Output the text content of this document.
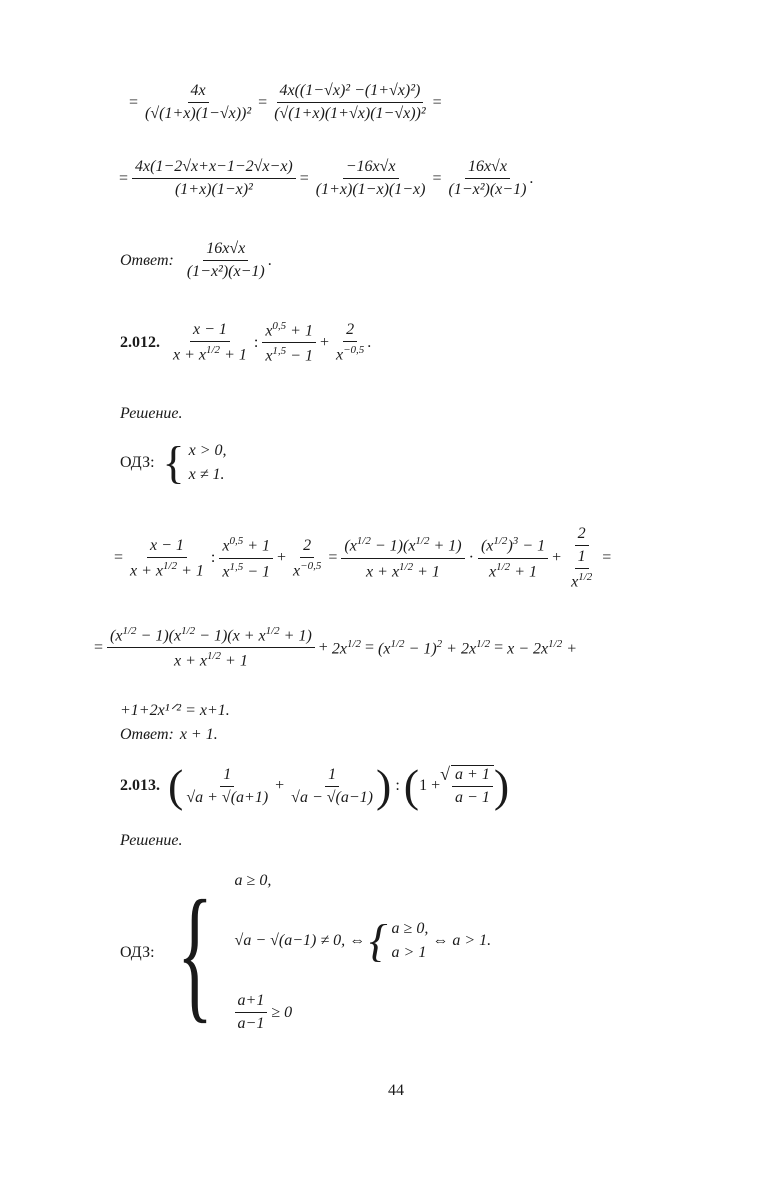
= $\frac{4x}{\text{(√(1+x)(1−√x))²}} = \frac{\text{4x((1−√x)² −(1+√x)²)}}{\text{(√(1+x)(1+√x)(1−√x))²}}$ =
= $\frac{4x(1-2√x+x-1-2√x-x)}{\text{(1+x)(1−x)²}} = \frac{-16x√x}{(1+x)(1-x)(1-x)} = \frac{16x√x}{\text{(1−x²)(x−1)}}$ .
Ответ: $\frac{16x√x}{\text{(1−x²)(x−1)}}$ .
2.012.
x − 1
$x + x^{1/2} + 1$
:
$x^{0,5} + 1$
$x^{1,5} - 1$
+ $\frac{2}{x^{-0,5}}$ .
Решение.
ОДЗ: { x > 0,
x ≠ 1.
= $\frac{x - 1}{x + x^{1/2} + 1}$ :
$x^{0,5} + 1$
$x^{1,5} - 1$
+ $\frac{2}{x^{-0,5}} = \frac{(x^{1/2} - 1)(x^{1/2} + 1)}{x + x^{1/2} + 1}$ ·
$(x^{1/2})^3 - 1$
$x^{1/2} + 1$
+ $\frac{2}{\frac{1}{x^{1/2}}}$ =
= $\frac{(x^{1/2} - 1)(x^{1/2} - 1)(x + x^{1/2} + 1)}{x + x^{1/2} + 1} + 2x^{1/2} = (x^{1/2} - 1)^2 + 2x^{1/2} = x - 2x^{1/2}$ +
+1+2x¹ᐟ² = x+1.
Ответ: x + 1.
2.013. ( 1
√a + √(a+1)
+ $\frac{1}{√a - √(a-1)}$ ) : ( 1 +
√ $\frac{a + 1}{a - 1}$ )
Решение.
ОДЗ: { a ≥ 0,
√a − √(a−1) ≠ 0, ⇔ { a ≥ 0,
a > 1
⇔ a > 1.
$\frac{a+1}{a-1} \ge 0$
44
